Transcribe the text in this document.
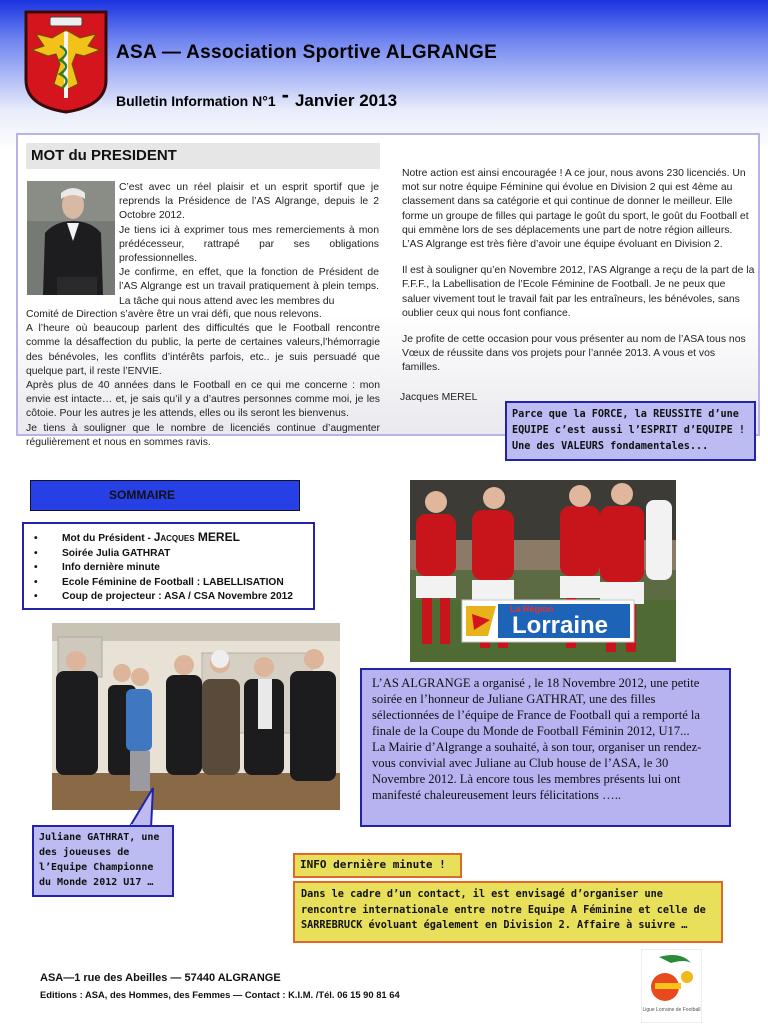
ASA — Association Sportive ALGRANGE
Bulletin Information N°1 - Janvier 2013
MOT du PRESIDENT

C’est avec un réel plaisir et un esprit sportif que je reprends la Présidence de l’AS Algrange, depuis le 2 Octobre 2012.

Je tiens ici à exprimer tous mes remerciements à mon prédécesseur, rattrapé par ses obligations professionnelles.

Je confirme, en effet, que la fonction de Président de l’AS Algrange est un travail pratiquement à plein temps. La tâche qui nous attend avec les membres du

Comité de Direction s’avère être un vrai défi, que nous relevons.

A l’heure où beaucoup parlent des difficultés que le Football rencontre comme la désaffection du public, la perte de certaines valeurs,l’hémorragie des bénévoles, les conflits d’intérêts parfois, etc.. je suis persuadé que quelque part, il reste l’ENVIE.

Après plus de 40 années dans le Football en ce qui me concerne : mon envie est intacte… et, je sais qu’il y a d’autres personnes comme moi, je les côtoie. Pour les autres je les attends, elles ou ils seront les bienvenus.

Je tiens à souligner que le nombre de licenciés continue d’augmenter régulièrement et nous en sommes ravis.

Notre action est ainsi encouragée ! A ce jour, nous avons 230 licenciés. Un mot sur notre équipe Féminine qui évolue en Division 2 qui est 4ème au classement dans sa catégorie et qui continue de donner le meilleur. Elle forme un groupe de filles qui partage le goût du sport, le goût du Football et qui emmène lors de ses déplacements une part de notre région ailleurs. L’AS Algrange est très fière d’avoir une équipe évoluant en Division 2.

Il est à souligner qu’en Novembre 2012, l’AS Algrange a reçu de la part de la F.F.F., la Labellisation de l’Ecole Féminine de Football. Je ne peux que saluer vivement tout le travail fait par les entraîneurs, les bénévoles, sans oublier ceux qui nous font confiance.

Je profite de cette occasion pour vous présenter au nom de l’ASA tous nos Vœux de réussite dans vos projets pour l’année 2013. A vous et vos familles.

Jacques MEREL
Parce que la FORCE, la REUSSITE d’une EQUIPE c’est aussi l’ESPRIT d’EQUIPE ! Une des VALEURS fondamentales...
SOMMAIRE
• Mot du Président - Jacques MEREL
• Soirée Julia GATHRAT
• Info dernière minute
• Ecole Féminine de Football : LABELLISATION
• Coup de projecteur : ASA / CSA Novembre 2012
La Région
Lorraine

L’AS ALGRANGE a organisé , le 18 Novembre 2012, une petite soirée en l’honneur de Juliane GATHRAT, une des filles sélectionnées de l’équipe de France de Football qui a remporté la finale de la Coupe du Monde de Football Féminin 2012, U17...

La Mairie d’Algrange a souhaité, à son tour, organiser un rendez-vous convivial avec Juliane au Club house de l’ASA, le 30 Novembre 2012. Là encore tous les membres présents lui ont manifesté chaleureusement leurs félicitations …..

Juliane GATHRAT, une des joueuses de l’Equipe Championne du Monde 2012 U17 …
INFO dernière minute !
Dans le cadre d’un contact, il est envisagé d’organiser une rencontre internationale entre notre Equipe A Féminine et celle de SARREBRUCK évoluant également en Division 2. Affaire à suivre …
ASA—1 rue des Abeilles — 57440 ALGRANGE
Editions : ASA, des Hommes, des Femmes — Contact : K.I.M. /Tél. 06 15 90 81 64
Ligue Lorraine de Football
